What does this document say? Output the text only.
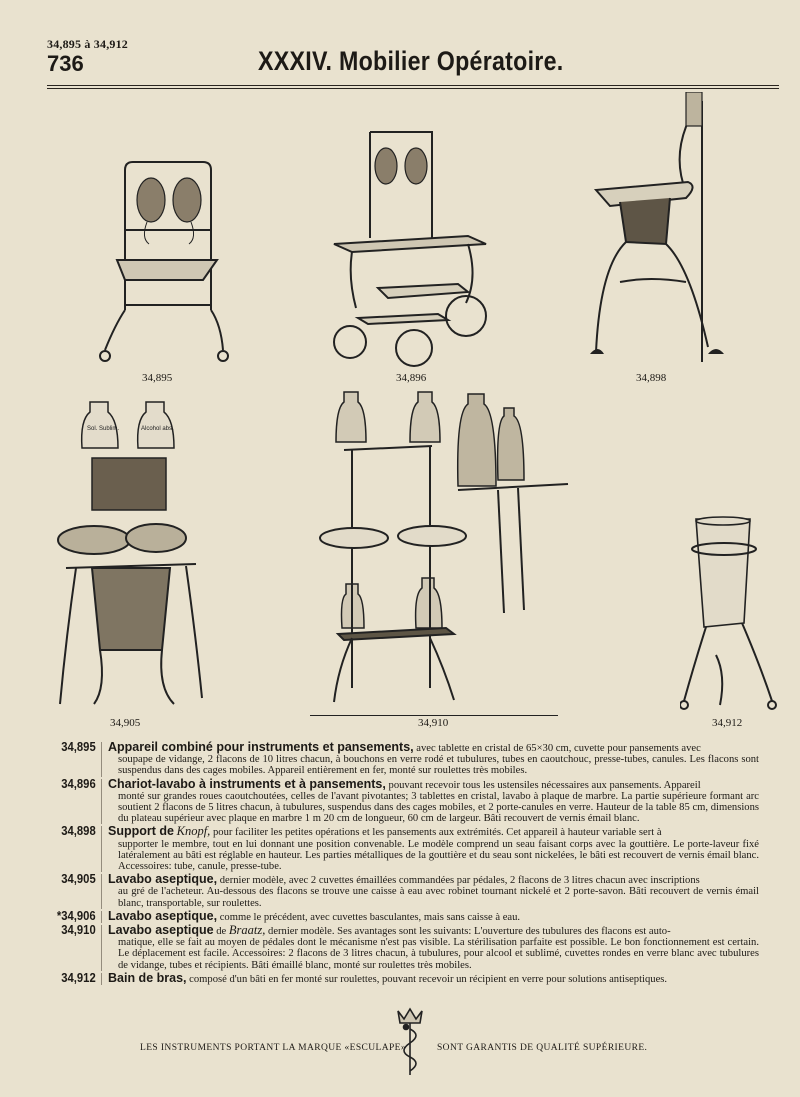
34,895 à 34,912
736	XXXIV. Mobilier Opératoire.
34,895	34,896	34,898
Sol. Sublim.	Alcohol abs.
34,905	34,910	34,912
34,895 Appareil combiné pour instruments et pansements, avec tablette en cristal de 65×30 cm, cuvette pour pansements avec
soupape de vidange, 2 flacons de 10 litres chacun, à bouchons en verre rodé et tubulures, tubes en caoutchouc, presse-tubes, canules. Les flacons sont suspendus dans des cages mobiles. Appareil entièrement en fer, monté sur roulettes très mobiles.
34,896 Chariot-lavabo à instruments et à pansements, pouvant recevoir tous les ustensiles nécessaires aux pansements. Appareil
monté sur grandes roues caoutchoutées, celles de l'avant pivotantes; 3 tablettes en cristal, lavabo à plaque de marbre. La partie supérieure formant arc soutient 2 flacons de 5 litres chacun, à tubulures, suspendus dans des cages mobiles, et 2 porte-canules en verre. Hauteur de la table 85 cm, dimensions du plateau supérieur avec plaque en marbre 1 m 20 cm de longueur, 60 cm de largeur. Bâti recouvert de vernis émail blanc.
34,898 Support de Knopf, pour faciliter les petites opérations et les pansements aux extrémités. Cet appareil à hauteur variable sert à
supporter le membre, tout en lui donnant une position convenable. Le modèle comprend un seau faisant corps avec la gouttière. Le porte-laveur fixé latéralement au bâti est réglable en hauteur. Les parties métalliques de la gouttière et du seau sont nickelées, le bâti est recouvert de vernis émail blanc. Accessoires: tube, canule, presse-tube.
34,905 Lavabo aseptique, dernier modèle, avec 2 cuvettes émaillées commandées par pédales, 2 flacons de 3 litres chacun avec inscriptions
au gré de l'acheteur. Au-dessous des flacons se trouve une caisse à eau avec robinet tournant nickelé et 2 porte-savon. Bâti recouvert de vernis émail blanc, transportable, sur roulettes.
*34,906 Lavabo aseptique, comme le précédent, avec cuvettes basculantes, mais sans caisse à eau.
34,910 Lavabo aseptique de Braatz, dernier modèle. Ses avantages sont les suivants: L'ouverture des tubulures des flacons est auto-
matique, elle se fait au moyen de pédales dont le mécanisme n'est pas visible. La stérilisation parfaite est possible. Le bon fonctionnement est certain. Le déplacement est facile. Accessoires: 2 flacons de 3 litres chacun, à tubulures, pour alcool et sublimé, cuvettes rondes en verre blanc avec tubulures de vidange, tubes et récipients. Bâti émaillé blanc, monté sur roulettes très mobiles.
34,912 Bain de bras, composé d'un bâti en fer monté sur roulettes, pouvant recevoir un récipient en verre pour solutions antiseptiques.
LES INSTRUMENTS PORTANT LA MARQUE «ESCULAPE»	SONT GARANTIS DE QUALITÉ SUPÉRIEURE.
